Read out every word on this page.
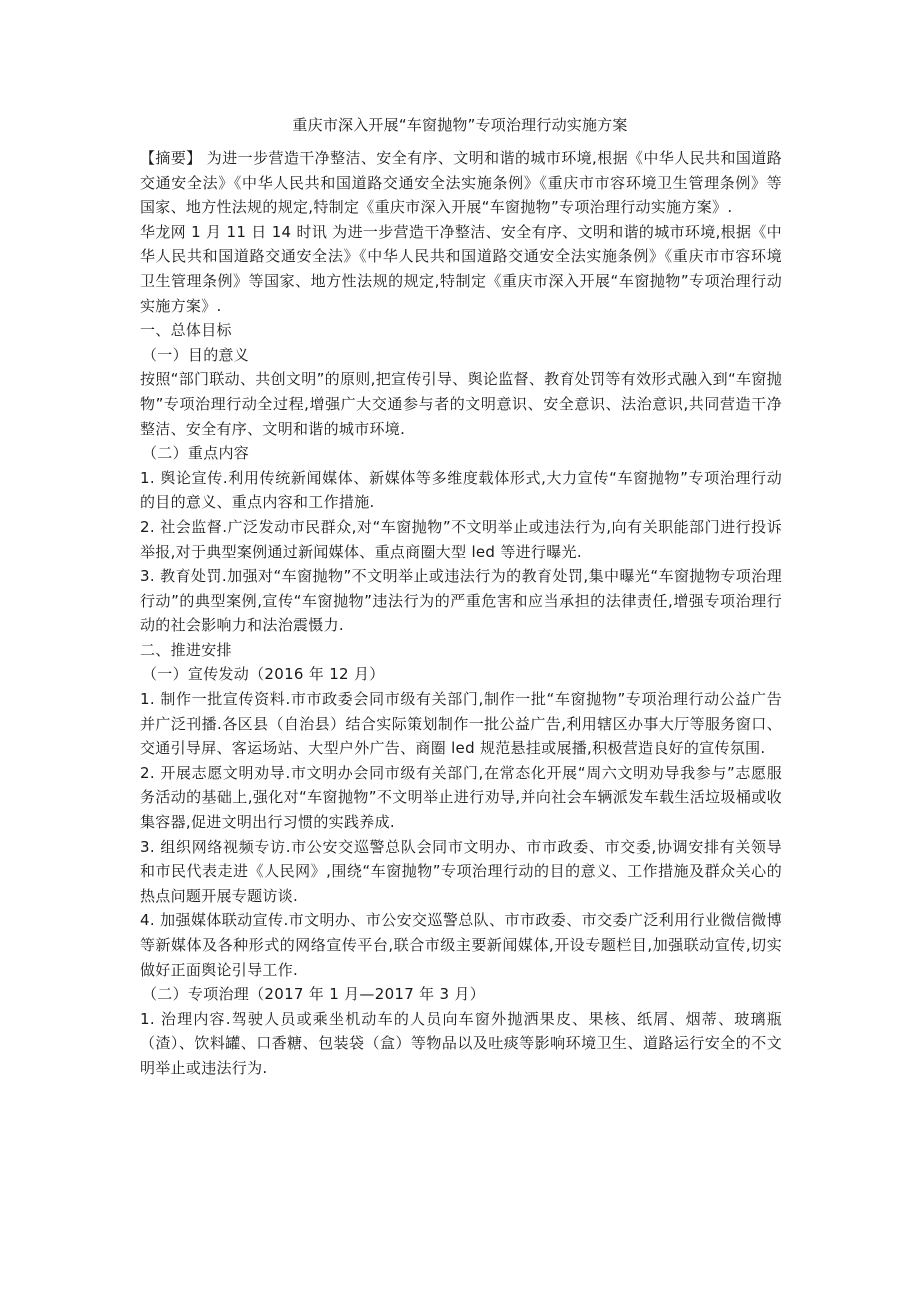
重庆市深入开展“车窗抛物”专项治理行动实施方案

【摘要】 为进一步营造干净整洁、安全有序、文明和谐的城市环境,根据《中华人民共和国道路交通安全法》《中华人民共和国道路交通安全法实施条例》《重庆市市容环境卫生管理条例》等国家、地方性法规的规定,特制定《重庆市深入开展“车窗抛物”专项治理行动实施方案》.

华龙网 1 月 11 日 14 时讯 为进一步营造干净整洁、安全有序、文明和谐的城市环境,根据《中华人民共和国道路交通安全法》《中华人民共和国道路交通安全法实施条例》《重庆市市容环境卫生管理条例》等国家、地方性法规的规定,特制定《重庆市深入开展“车窗抛物”专项治理行动实施方案》.

一、总体目标

（一）目的意义

按照“部门联动、共创文明”的原则,把宣传引导、舆论监督、教育处罚等有效形式融入到“车窗抛物”专项治理行动全过程,增强广大交通参与者的文明意识、安全意识、法治意识,共同营造干净整洁、安全有序、文明和谐的城市环境.

（二）重点内容

1. 舆论宣传.利用传统新闻媒体、新媒体等多维度载体形式,大力宣传“车窗抛物”专项治理行动的目的意义、重点内容和工作措施.

2. 社会监督.广泛发动市民群众,对“车窗抛物”不文明举止或违法行为,向有关职能部门进行投诉举报,对于典型案例通过新闻媒体、重点商圈大型 led 等进行曝光.

3. 教育处罚.加强对“车窗抛物”不文明举止或违法行为的教育处罚,集中曝光“车窗抛物专项治理行动”的典型案例,宣传“车窗抛物”违法行为的严重危害和应当承担的法律责任,增强专项治理行动的社会影响力和法治震慑力.

二、推进安排

（一）宣传发动（2016 年 12 月）

1. 制作一批宣传资料.市市政委会同市级有关部门,制作一批“车窗抛物”专项治理行动公益广告并广泛刊播.各区县（自治县）结合实际策划制作一批公益广告,利用辖区办事大厅等服务窗口、交通引导屏、客运场站、大型户外广告、商圈 led 规范悬挂或展播,积极营造良好的宣传氛围.

2. 开展志愿文明劝导.市文明办会同市级有关部门,在常态化开展“周六文明劝导我参与”志愿服务活动的基础上,强化对“车窗抛物”不文明举止进行劝导,并向社会车辆派发车载生活垃圾桶或收集容器,促进文明出行习惯的实践养成.

3. 组织网络视频专访.市公安交巡警总队会同市文明办、市市政委、市交委,协调安排有关领导和市民代表走进《人民网》,围绕“车窗抛物”专项治理行动的目的意义、工作措施及群众关心的热点问题开展专题访谈.

4. 加强媒体联动宣传.市文明办、市公安交巡警总队、市市政委、市交委广泛利用行业微信微博等新媒体及各种形式的网络宣传平台,联合市级主要新闻媒体,开设专题栏目,加强联动宣传,切实做好正面舆论引导工作.

（二）专项治理（2017 年 1 月—2017 年 3 月）

1. 治理内容.驾驶人员或乘坐机动车的人员向车窗外抛洒果皮、果核、纸屑、烟蒂、玻璃瓶（渣）、饮料罐、口香糖、包装袋（盒）等物品以及吐痰等影响环境卫生、道路运行安全的不文明举止或违法行为.
